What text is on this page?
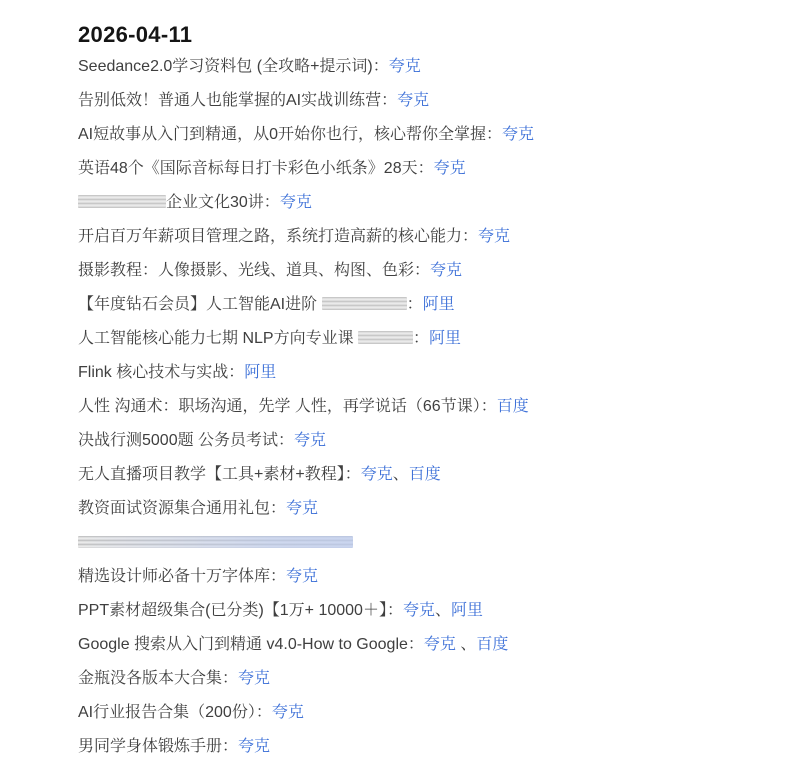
2026-04-11
Seedance2.0学习资料包 (全攻略+提示词)：夸克
告别低效！普通人也能掌握的AI实战训练营：夸克
AI短故事从入门到精通，从0开始你也行，核心帮你全掌握：夸克
英语48个《国际音标每日打卡彩色小纸条》28天：夸克
企业文化30讲：夸克
开启百万年薪项目管理之路，系统打造高薪的核心能力：夸克
摄影教程：人像摄影、光线、道具、构图、色彩：夸克
【年度钻石会员】人工智能AI进阶	：阿里
人工智能核心能力七期 NLP方向专业课	：阿里
Flink 核心技术与实战：阿里
人性 沟通术：职场沟通，先学 人性，再学说话（66节课）：百度
决战行测5000题 公务员考试：夸克
无人直播项目教学【工具+素材+教程】：夸克、百度
教资面试资源集合通用礼包：夸克
精选设计师必备十万字体库：夸克
PPT素材超级集合(已分类)【1万+ 10000＋】：夸克、阿里
Google 搜索从入门到精通 v4.0-How to Google：夸克 、百度
金瓶没各版本大合集：夸克
AI行业报告合集（200份）：夸克
男同学身体锻炼手册：夸克
